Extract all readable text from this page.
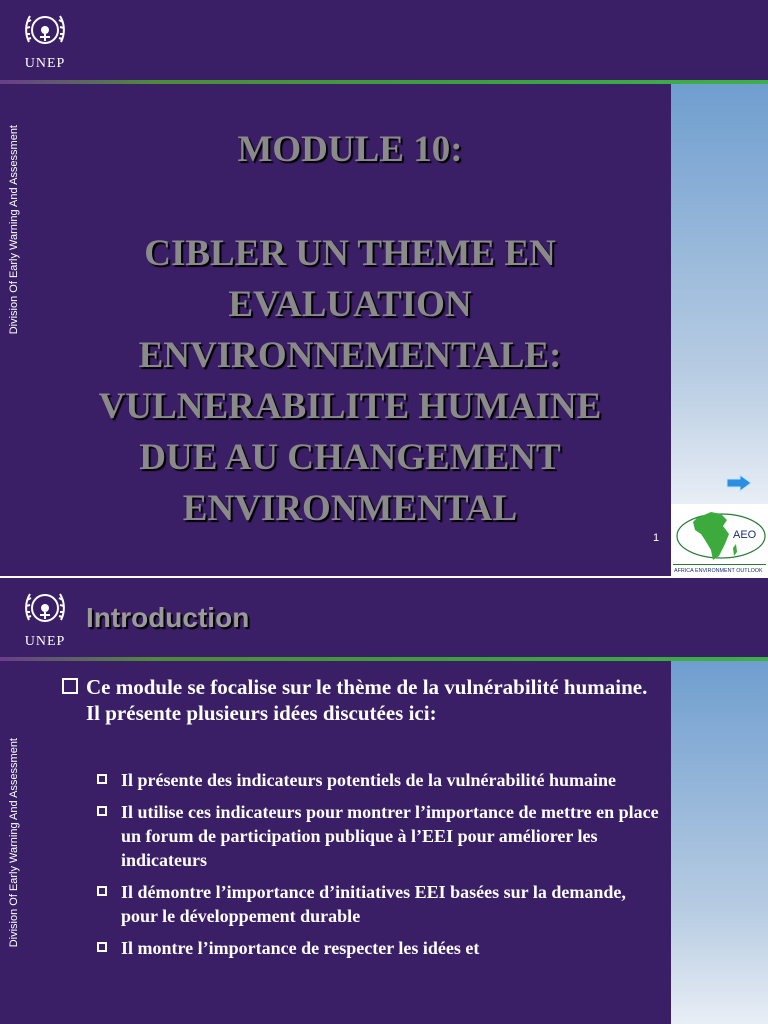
UNEP
Division Of Early Warning And Assessment	MODULE 10:
CIBLER UN THEME EN
EVALUATION
ENVIRONNEMENTALE:
VULNERABILITE HUMAINE
DUE AU CHANGEMENT
ENVIRONMENTAL
1	AEO
AFRICA ENVIRONMENT OUTLOOK
UNEP
Introduction
Division Of Early Warning And Assessment
Ce module se focalise sur le thème de la vulnérabilité humaine. Il présente plusieurs idées discutées ici:
Il présente des indicateurs potentiels de la vulnérabilité humaine
Il utilise ces indicateurs pour montrer l’importance de mettre en place un forum de participation publique à l’EEI pour améliorer les indicateurs
Il démontre l’importance d’initiatives EEI basées sur la demande, pour le développement durable
Il montre l’importance de respecter les idées et
